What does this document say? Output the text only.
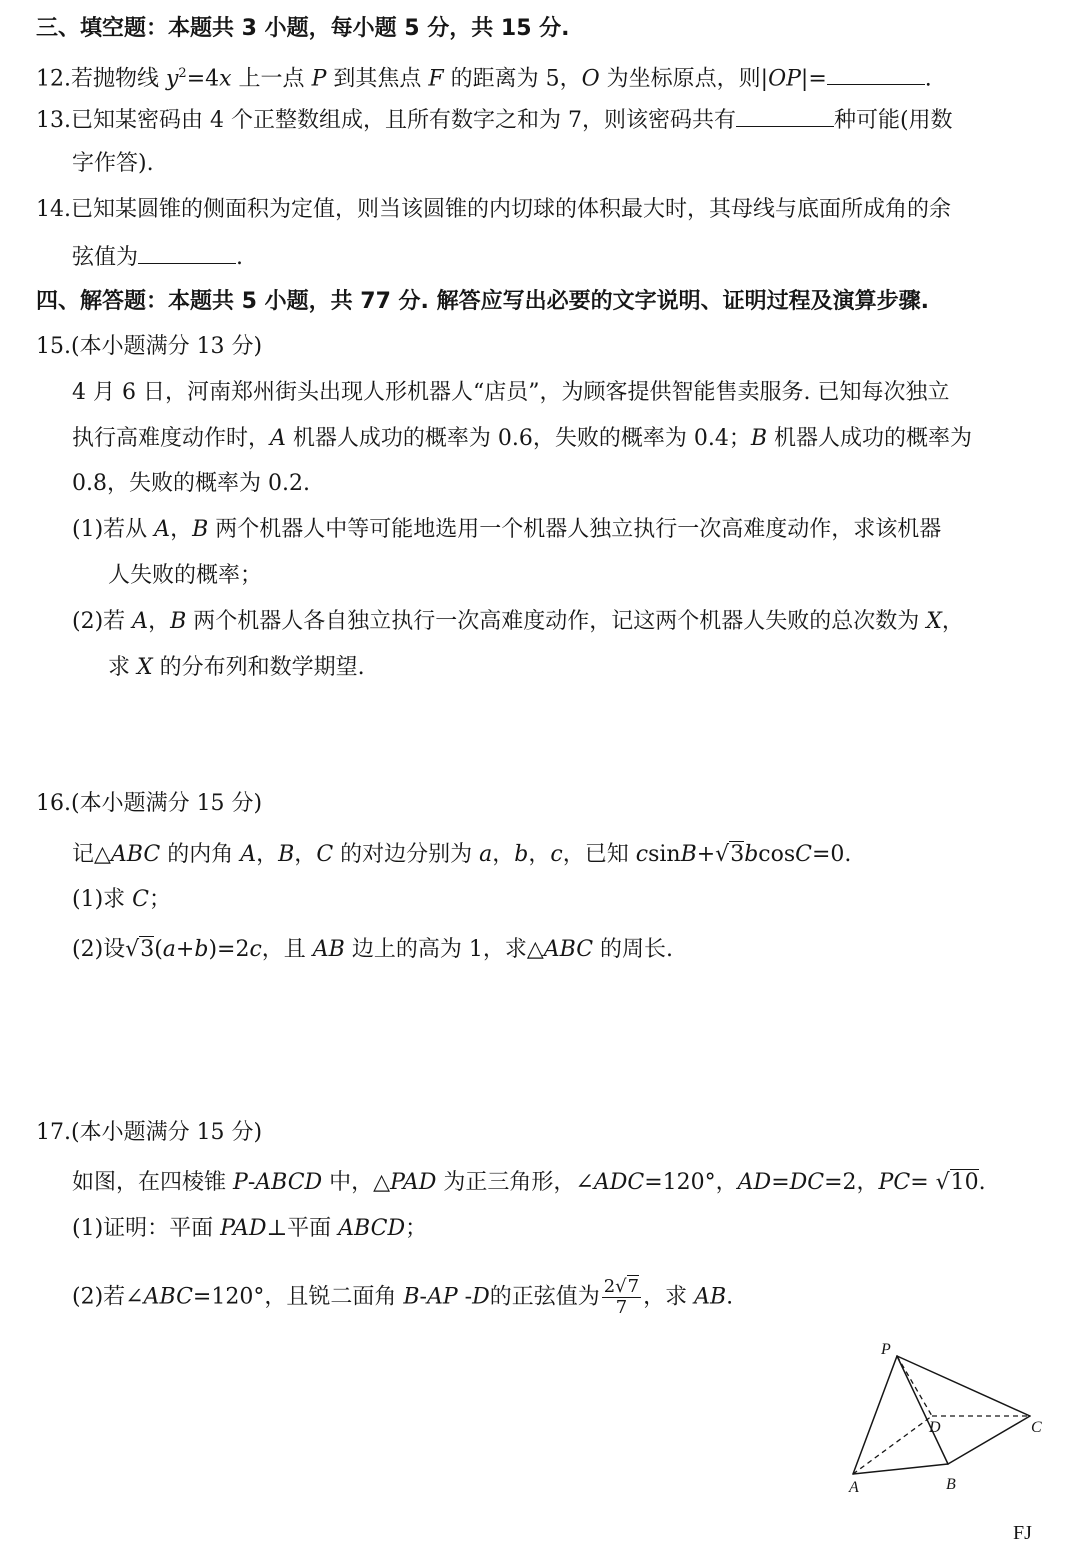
三、填空题：本题共 3 小题，每小题 5 分，共 15 分.
12.若抛物线 $y^2=4x$ 上一点 P 到其焦点 F 的距离为 5，O 为坐标原点，则|OP|=	.
13.已知某密码由 4 个正整数组成，且所有数字之和为 7，则该密码共有	种可能(用数
字作答).
14.已知某圆锥的侧面积为定值，则当该圆锥的内切球的体积最大时，其母线与底面所成角的余
弦值为	.
四、解答题：本题共 5 小题，共 77 分. 解答应写出必要的文字说明、证明过程及演算步骤.
15.(本小题满分 13 分)
4 月 6 日，河南郑州街头出现人形机器人“店员”，为顾客提供智能售卖服务. 已知每次独立
执行高难度动作时，A 机器人成功的概率为 0.6，失败的概率为 0.4；B 机器人成功的概率为
0.8，失败的概率为 0.2.
(1)若从 A，B 两个机器人中等可能地选用一个机器人独立执行一次高难度动作，求该机器
人失败的概率；
(2)若 A，B 两个机器人各自独立执行一次高难度动作，记这两个机器人失败的总次数为 X，
求 X 的分布列和数学期望.
16.(本小题满分 15 分)
记△ABC 的内角 A，B，C 的对边分别为 a，b，c，已知 csinB+√3bcosC=0.
(1)求 C；
(2)设√3(a+b)=2c，且 AB 边上的高为 1，求△ABC 的周长.
17.(本小题满分 15 分)
如图，在四棱锥 P-ABCD 中，△PAD 为正三角形，∠ADC=120°，AD=DC=2，PC= √10.
(1)证明：平面 PAD⊥平面 ABCD；
(2)若∠ABC=120°，且锐二面角 B-AP -D的正弦值为 $\frac{2√7}{7}$ ，求 AB.
P
D	C
A	B
FJ
